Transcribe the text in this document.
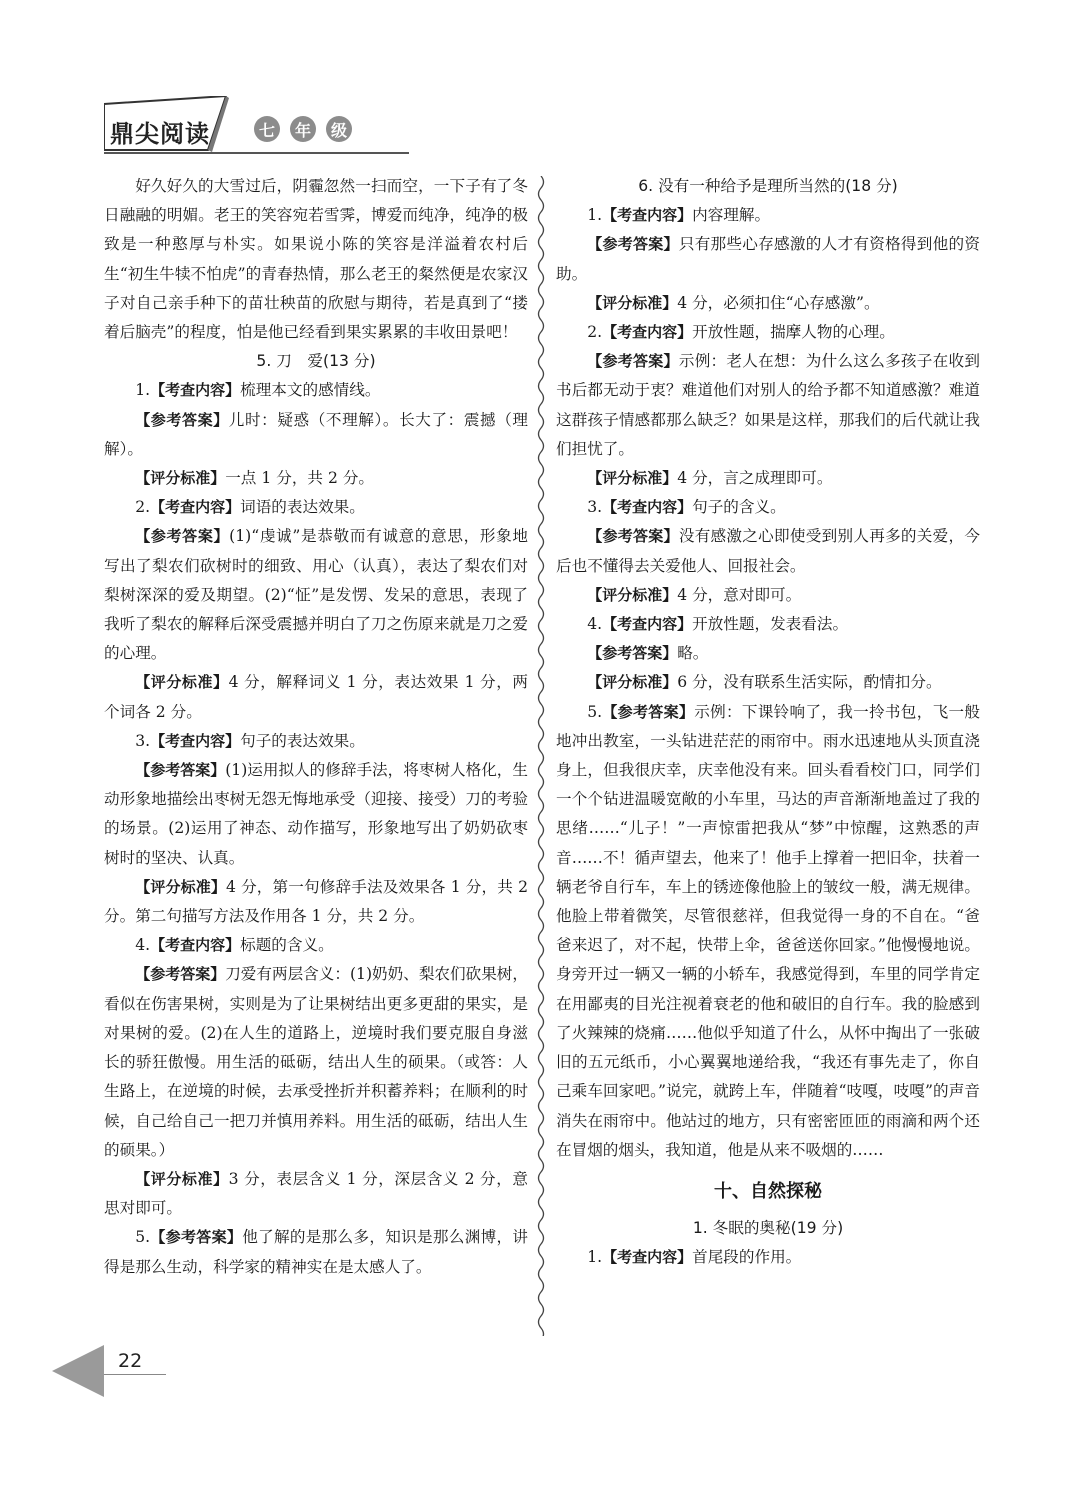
鼎尖阅读	七	年	级

好久好久的大雪过后，阴霾忽然一扫而空，一下子有了冬日融融的明媚。老王的笑容宛若雪霁，博爱而纯净，纯净的极致是一种憨厚与朴实。如果说小陈的笑容是洋溢着农村后生“初生牛犊不怕虎”的青春热情，那么老王的粲然便是农家汉子对自己亲手种下的苗壮秧苗的欣慰与期待，若是真到了“搂着后脑壳”的程度，怕是他已经看到果实累累的丰收田景吧！

5. 刀　爱(13 分)

1.【考查内容】梳理本文的感情线。

【参考答案】儿时：疑惑（不理解）。长大了：震撼（理解）。

【评分标准】一点 1 分，共 2 分。

2.【考查内容】词语的表达效果。

【参考答案】(1)“虔诚”是恭敬而有诚意的意思，形象地写出了梨农们砍树时的细致、用心（认真），表达了梨农们对梨树深深的爱及期望。(2)“怔”是发愣、发呆的意思，表现了我听了梨农的解释后深受震撼并明白了刀之伤原来就是刀之爱的心理。

【评分标准】4 分，解释词义 1 分，表达效果 1 分，两个词各 2 分。

3.【考查内容】句子的表达效果。

【参考答案】(1)运用拟人的修辞手法，将枣树人格化，生动形象地描绘出枣树无怨无悔地承受（迎接、接受）刀的考验的场景。(2)运用了神态、动作描写，形象地写出了奶奶砍枣树时的坚决、认真。

【评分标准】4 分，第一句修辞手法及效果各 1 分，共 2 分。第二句描写方法及作用各 1 分，共 2 分。

4.【考查内容】标题的含义。

【参考答案】刀爱有两层含义：(1)奶奶、梨农们砍果树，看似在伤害果树，实则是为了让果树结出更多更甜的果实，是对果树的爱。(2)在人生的道路上，逆境时我们要克服自身滋长的骄狂傲慢。用生活的砥砺，结出人生的硕果。（或答：人生路上，在逆境的时候，去承受挫折并积蓄养料；在顺利的时候，自己给自己一把刀并慎用养料。用生活的砥砺，结出人生的硕果。）

【评分标准】3 分，表层含义 1 分，深层含义 2 分，意思对即可。

5.【参考答案】他了解的是那么多，知识是那么渊博，讲得是那么生动，科学家的精神实在是太感人了。

6. 没有一种给予是理所当然的(18 分)

1.【考查内容】内容理解。

【参考答案】只有那些心存感激的人才有资格得到他的资助。

【评分标准】4 分，必须扣住“心存感激”。

2.【考查内容】开放性题，揣摩人物的心理。

【参考答案】示例：老人在想：为什么这么多孩子在收到书后都无动于衷？难道他们对别人的给予都不知道感激？难道这群孩子情感都那么缺乏？如果是这样，那我们的后代就让我们担忧了。

【评分标准】4 分，言之成理即可。

3.【考查内容】句子的含义。

【参考答案】没有感激之心即使受到别人再多的关爱，今后也不懂得去关爱他人、回报社会。

【评分标准】4 分，意对即可。

4.【考查内容】开放性题，发表看法。

【参考答案】略。

【评分标准】6 分，没有联系生活实际，酌情扣分。

5.【参考答案】示例：下课铃响了，我一拎书包，飞一般地冲出教室，一头钻进茫茫的雨帘中。雨水迅速地从头顶直浇身上，但我很庆幸，庆幸他没有来。回头看看校门口，同学们一个个钻进温暖宽敞的小车里，马达的声音渐渐地盖过了我的思绪……“儿子！”一声惊雷把我从“梦”中惊醒，这熟悉的声音……不！循声望去，他来了！他手上撑着一把旧伞，扶着一辆老爷自行车，车上的锈迹像他脸上的皱纹一般，满无规律。他脸上带着微笑，尽管很慈祥，但我觉得一身的不自在。“爸爸来迟了，对不起，快带上伞，爸爸送你回家。”他慢慢地说。身旁开过一辆又一辆的小轿车，我感觉得到，车里的同学肯定在用鄙夷的目光注视着衰老的他和破旧的自行车。我的脸感到了火辣辣的烧痛……他似乎知道了什么，从怀中掏出了一张破旧的五元纸币，小心翼翼地递给我，“我还有事先走了，你自己乘车回家吧。”说完，就跨上车，伴随着“吱嘎，吱嘎”的声音消失在雨帘中。他站过的地方，只有密密匝匝的雨滴和两个还在冒烟的烟头，我知道，他是从来不吸烟的……

十、自然探秘

1. 冬眠的奥秘(19 分)

1.【考查内容】首尾段的作用。

22
